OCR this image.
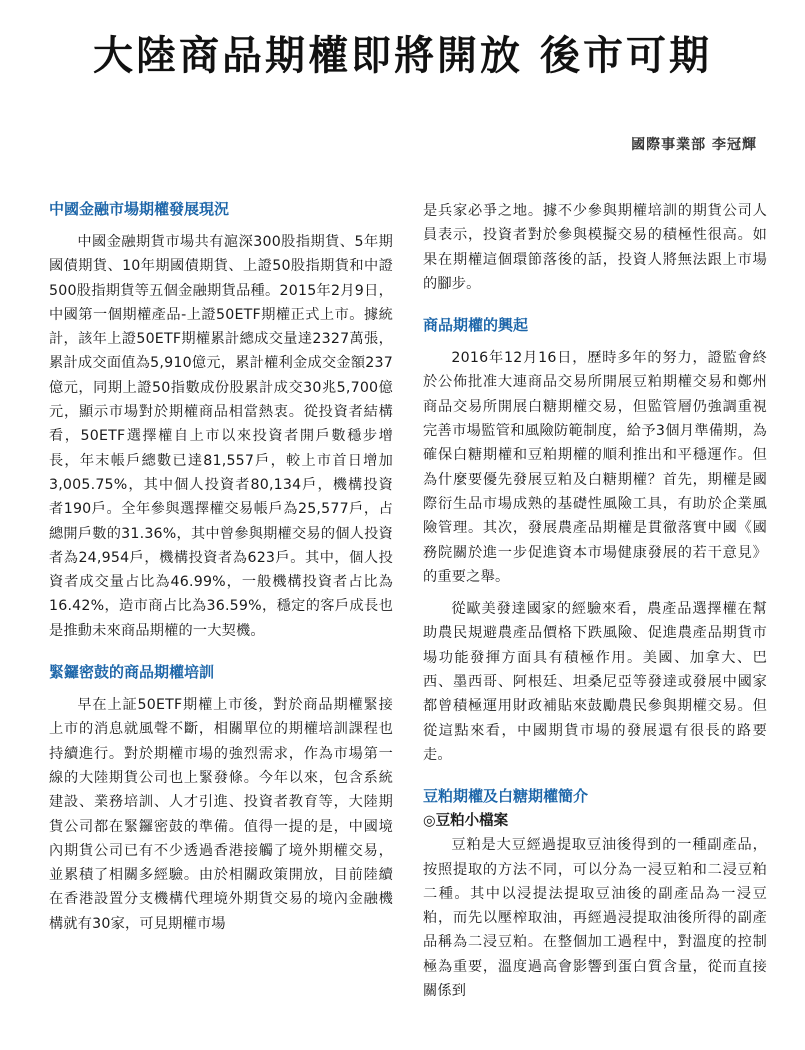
大陸商品期權即將開放 後市可期
國際事業部 李冠輝
中國金融市場期權發展現況

中國金融期貨市場共有滬深300股指期貨、5年期國債期貨、10年期國債期貨、上證50股指期貨和中證500股指期貨等五個金融期貨品種。2015年2月9日，中國第一個期權產品-上證50ETF期權正式上市。據統計，該年上證50ETF期權累計總成交量達2327萬張，累計成交面值為5,910億元，累計權利金成交金額237億元，同期上證50指數成份股累計成交30兆5,700億元，顯示市場對於期權商品相當熱衷。從投資者結構看，50ETF選擇權自上市以來投資者開戶數穩步增長，年末帳戶總數已達81,557戶，較上市首日增加3,005.75%，其中個人投資者80,134戶，機構投資者190戶。全年參與選擇權交易帳戶為25,577戶，占總開戶數的31.36%，其中曾參與期權交易的個人投資者為24,954戶，機構投資者為623戶。其中，個人投資者成交量占比為46.99%，一般機構投資者占比為16.42%，造市商占比為36.59%，穩定的客戶成長也是推動未來商品期權的一大契機。

緊鑼密鼓的商品期權培訓

早在上証50ETF期權上市後，對於商品期權緊接上市的消息就風聲不斷，相關單位的期權培訓課程也持續進行。對於期權市場的強烈需求，作為市場第一線的大陸期貨公司也上緊發條。今年以來，包含系統建設、業務培訓、人才引進、投資者教育等，大陸期貨公司都在緊鑼密鼓的準備。值得一提的是，中國境內期貨公司已有不少透過香港接觸了境外期權交易，並累積了相關多經驗。由於相關政策開放，目前陸續在香港設置分支機構代理境外期貨交易的境內金融機構就有30家，可見期權市場

是兵家必爭之地。據不少參與期權培訓的期貨公司人員表示，投資者對於參與模擬交易的積極性很高。如果在期權這個環節落後的話，投資人將無法跟上市場的腳步。

商品期權的興起

2016年12月16日，歷時多年的努力，證監會終於公佈批准大連商品交易所開展豆粕期權交易和鄭州商品交易所開展白糖期權交易，但監管層仍強調重視完善市場監管和風險防範制度，給予3個月準備期，為確保白糖期權和豆粕期權的順利推出和平穩運作。但為什麼要優先發展豆粕及白糖期權？首先，期權是國際衍生品市場成熟的基礎性風險工具，有助於企業風險管理。其次，發展農產品期權是貫徹落實中國《國務院關於進一步促進資本市場健康發展的若干意見》的重要之舉。

從歐美發達國家的經驗來看，農產品選擇權在幫助農民規避農產品價格下跌風險、促進農產品期貨市場功能發揮方面具有積極作用。美國、加拿大、巴西、墨西哥、阿根廷、坦桑尼亞等發達或發展中國家都曾積極運用財政補貼來鼓勵農民參與期權交易。但從這點來看，中國期貨市場的發展還有很長的路要走。

豆粕期權及白糖期權簡介
◎豆粕小檔案

豆粕是大豆經過提取豆油後得到的一種副產品，按照提取的方法不同，可以分為一浸豆粕和二浸豆粕二種。其中以浸提法提取豆油後的副產品為一浸豆粕，而先以壓榨取油，再經過浸提取油後所得的副產品稱為二浸豆粕。在整個加工過程中，對溫度的控制極為重要，溫度過高會影響到蛋白質含量，從而直接關係到
